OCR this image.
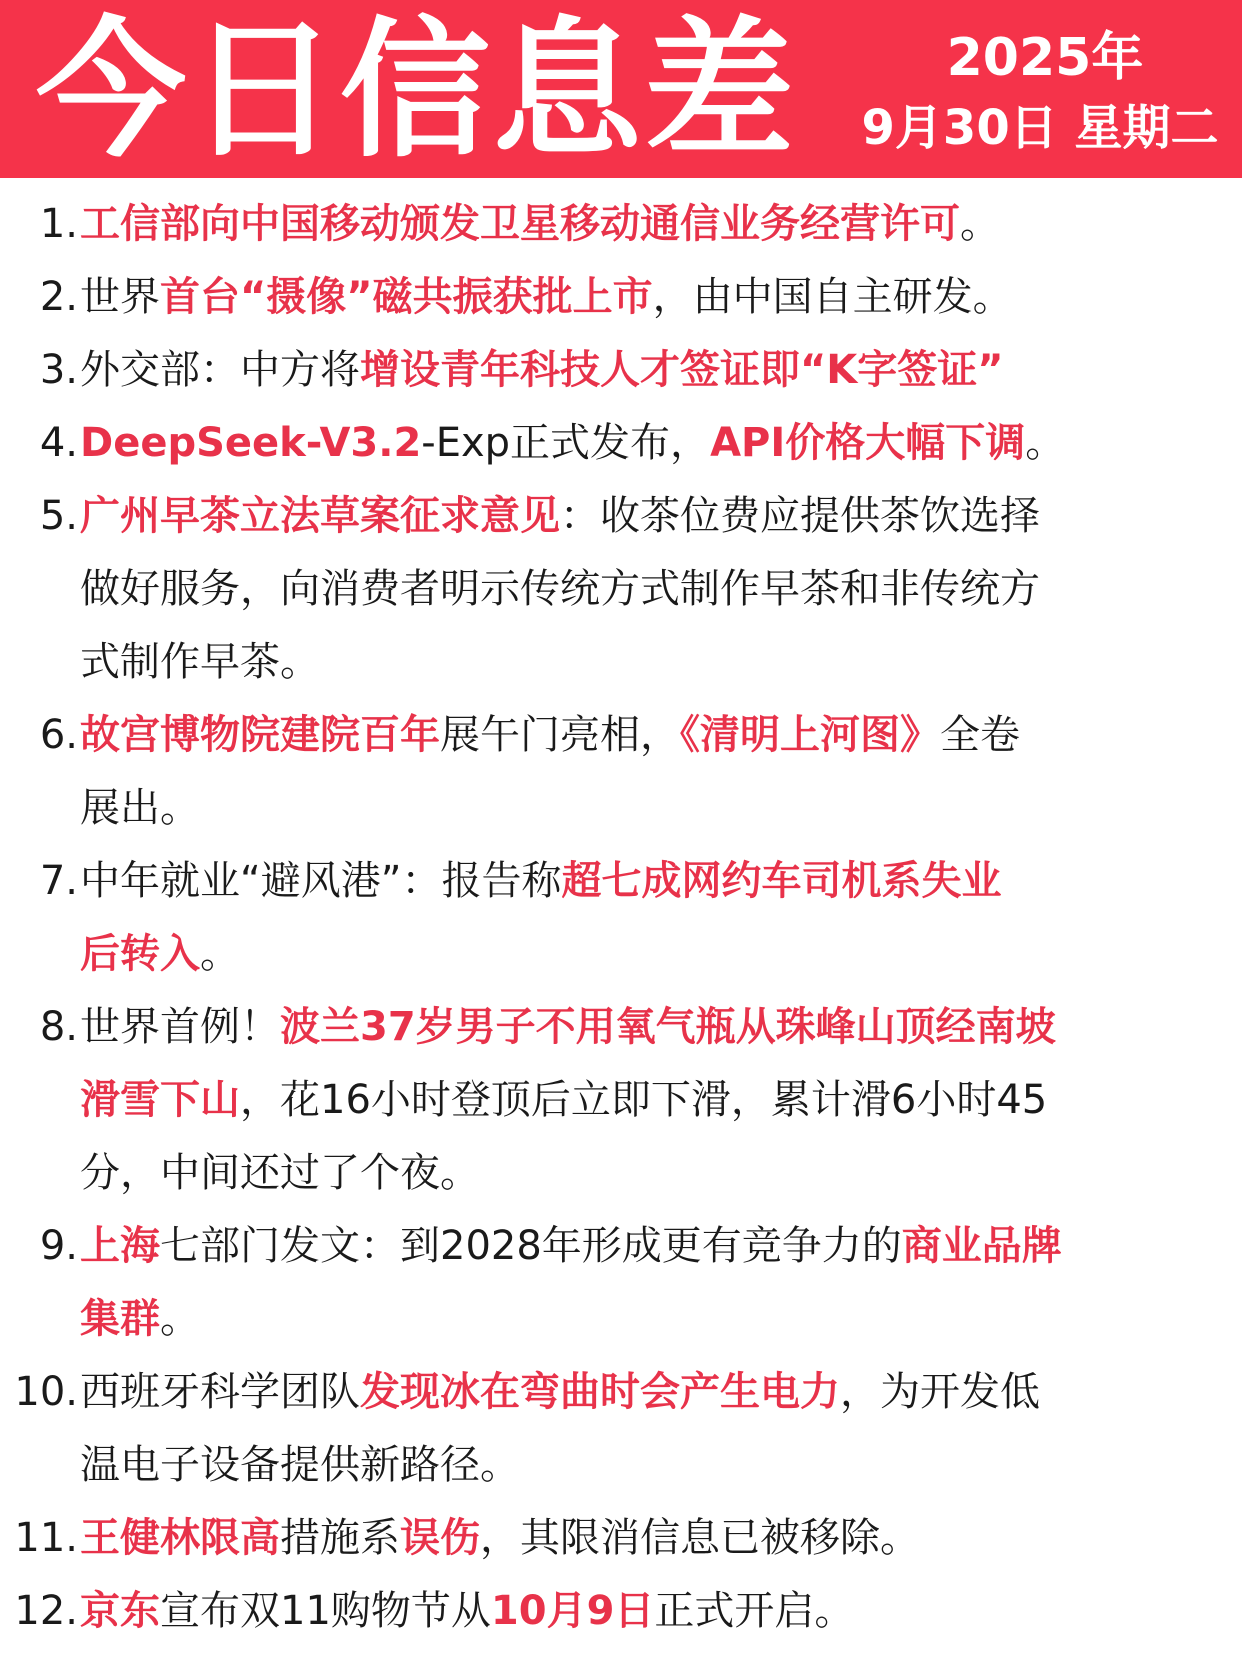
今日信息差	2025年
9月30日 星期二
1. 工信部向中国移动颁发卫星移动通信业务经营许可。
2. 世界首台“摄像”磁共振获批上市，由中国自主研发。
3. 外交部：中方将增设青年科技人才签证即“K字签证”
4. DeepSeek-V3.2-Exp正式发布，API价格大幅下调。
5. 广州早茶立法草案征求意见：收茶位费应提供茶饮选择
做好服务，向消费者明示传统方式制作早茶和非传统方
式制作早茶。
6. 故宫博物院建院百年展午门亮相，《清明上河图》全卷
展出。
7. 中年就业“避风港”：报告称超七成网约车司机系失业
后转入。
8. 世界首例！波兰37岁男子不用氧气瓶从珠峰山顶经南坡
滑雪下山，花16小时登顶后立即下滑，累计滑6小时45
分，中间还过了个夜。
9. 上海七部门发文：到2028年形成更有竞争力的商业品牌
集群。
10. 西班牙科学团队发现冰在弯曲时会产生电力，为开发低
温电子设备提供新路径。
11. 王健林限高措施系误伤，其限消信息已被移除。
12. 京东宣布双11购物节从10月9日正式开启。
